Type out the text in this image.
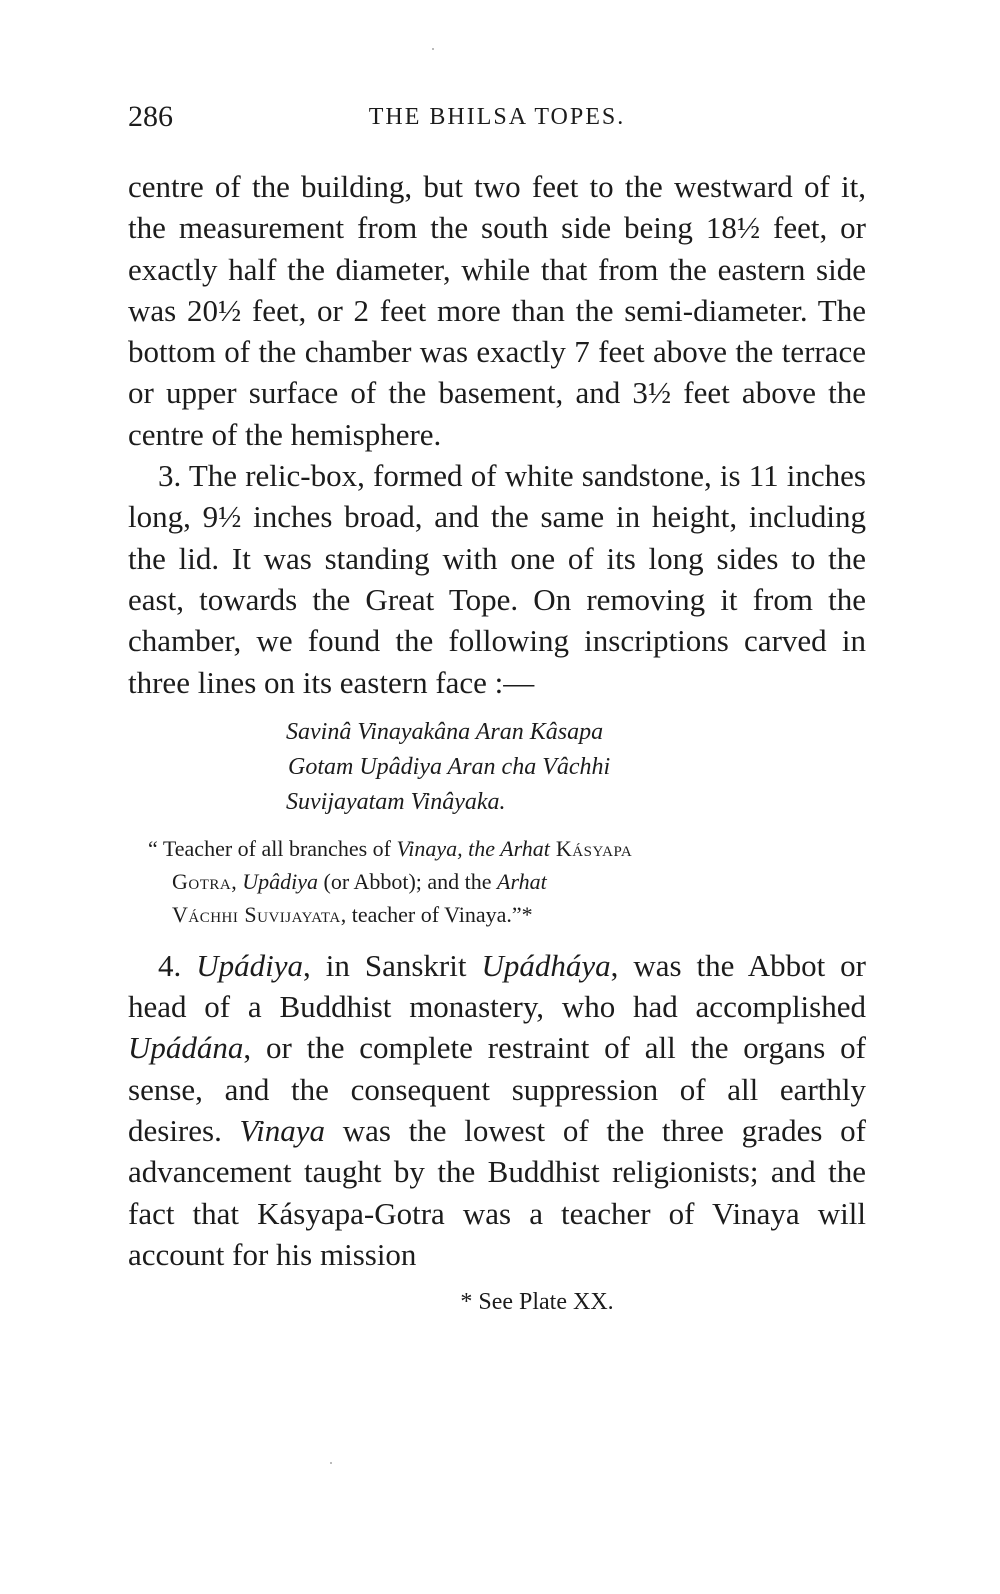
286	THE BHILSA TOPES.

centre of the building, but two feet to the westward of it, the measurement from the south side being 18½ feet, or exactly half the diameter, while that from the eastern side was 20½ feet, or 2 feet more than the semi-diameter. The bottom of the chamber was exactly 7 feet above the terrace or upper surface of the basement, and 3½ feet above the centre of the hemisphere.

3. The relic-box, formed of white sandstone, is 11 inches long, 9½ inches broad, and the same in height, including the lid. It was standing with one of its long sides to the east, towards the Great Tope. On removing it from the chamber, we found the following inscriptions carved in three lines on its eastern face :—

Savinâ Vinayakâna Aran Kâsapa
Gotam Upâdiya Aran cha Vâchhi
Suvijayatam Vinâyaka.
“ Teacher of all branches of Vinaya, the Arhat Kásyapa
Gotra, Upâdiya (or Abbot); and the Arhat
Váchhi Suvijayata, teacher of Vinaya.”*

4. Upádiya, in Sanskrit Upádháya, was the Abbot or head of a Buddhist monastery, who had accomplished Upádána, or the complete restraint of all the organs of sense, and the consequent suppression of all earthly desires. Vinaya was the lowest of the three grades of advancement taught by the Buddhist religionists; and the fact that Kásyapa-Gotra was a teacher of Vinaya will account for his mission

* See Plate XX.
